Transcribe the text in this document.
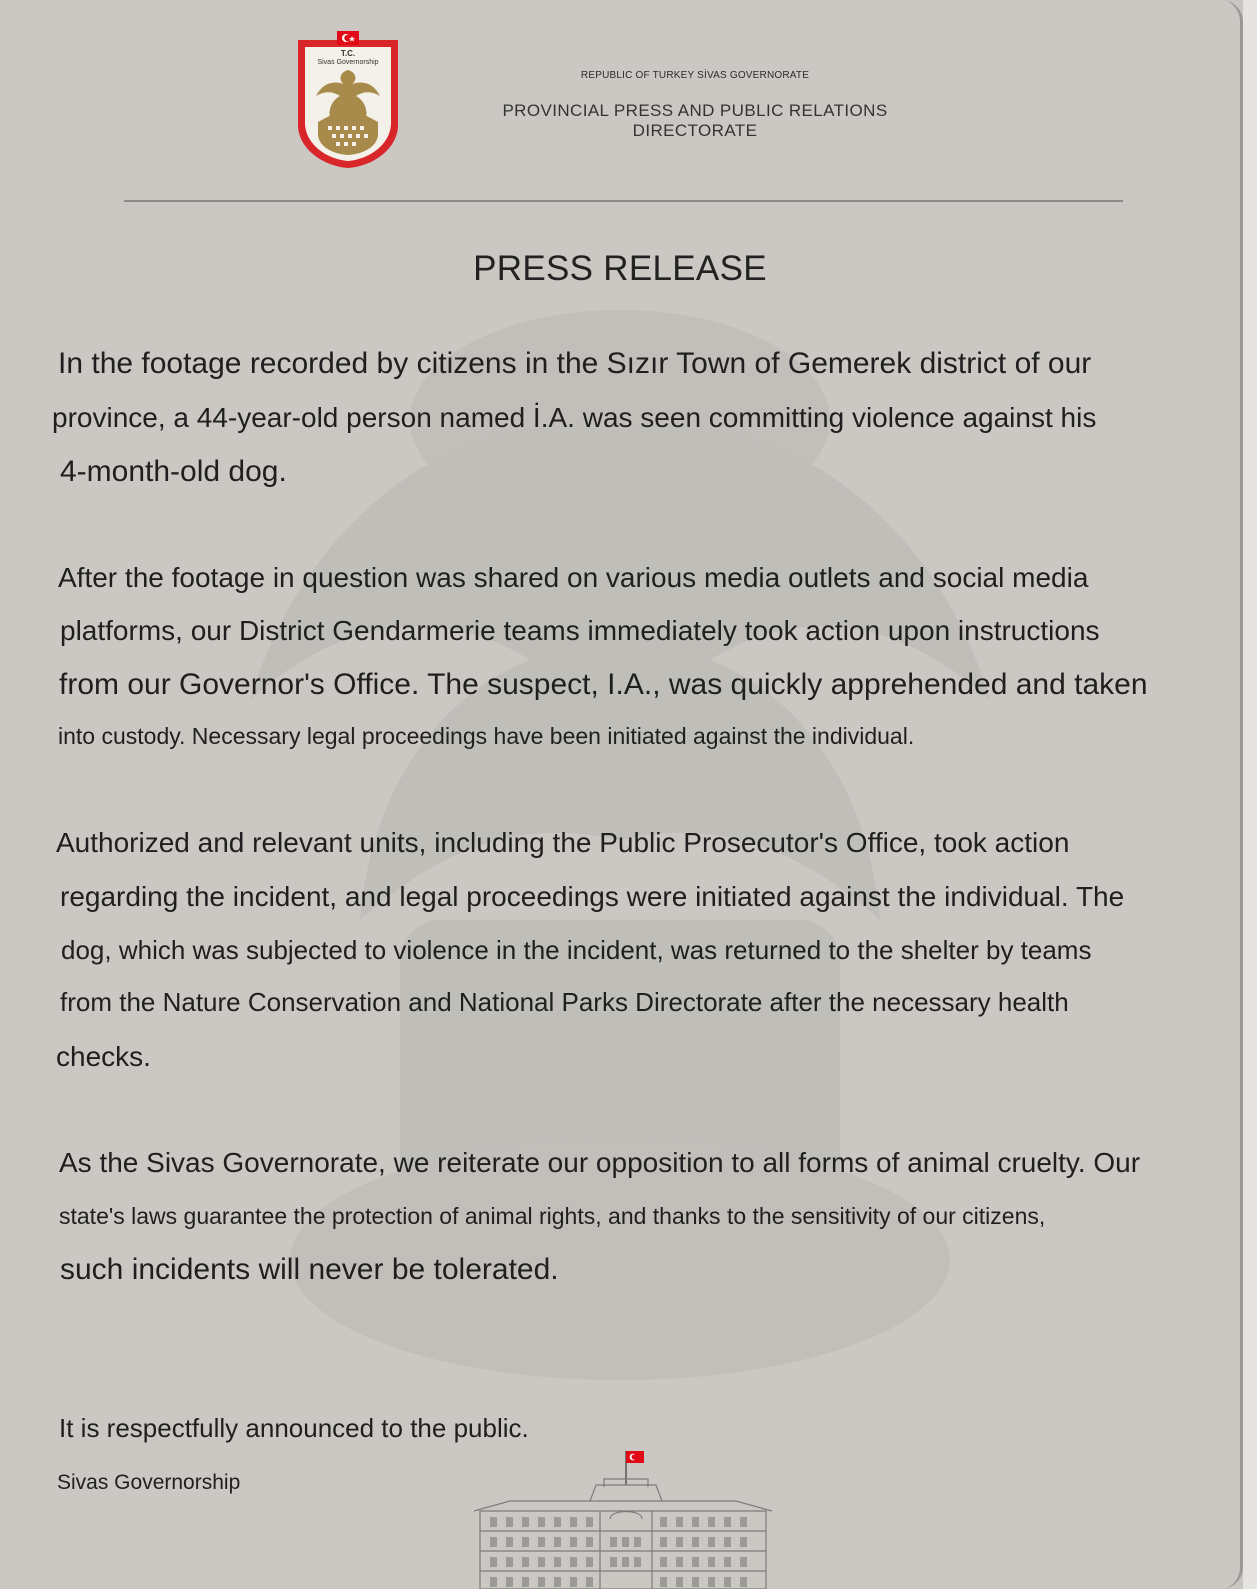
T.C.
Sivas Governorship
REPUBLIC OF TURKEY SİVAS GOVERNORATE
PROVINCIAL PRESS AND PUBLIC RELATIONS DIRECTORATE
PRESS RELEASE
In the footage recorded by citizens in the Sızır Town of Gemerek district of our
province, a 44-year-old person named İ.A. was seen committing violence against his
4-month-old dog.
After the footage in question was shared on various media outlets and social media
platforms, our District Gendarmerie teams immediately took action upon instructions
from our Governor's Office. The suspect, I.A., was quickly apprehended and taken
into custody. Necessary legal proceedings have been initiated against the individual.
Authorized and relevant units, including the Public Prosecutor's Office, took action
regarding the incident, and legal proceedings were initiated against the individual. The
dog, which was subjected to violence in the incident, was returned to the shelter by teams
from the Nature Conservation and National Parks Directorate after the necessary health
checks.
As the Sivas Governorate, we reiterate our opposition to all forms of animal cruelty. Our
state's laws guarantee the protection of animal rights, and thanks to the sensitivity of our citizens,
such incidents will never be tolerated.
It is respectfully announced to the public.
Sivas Governorship
